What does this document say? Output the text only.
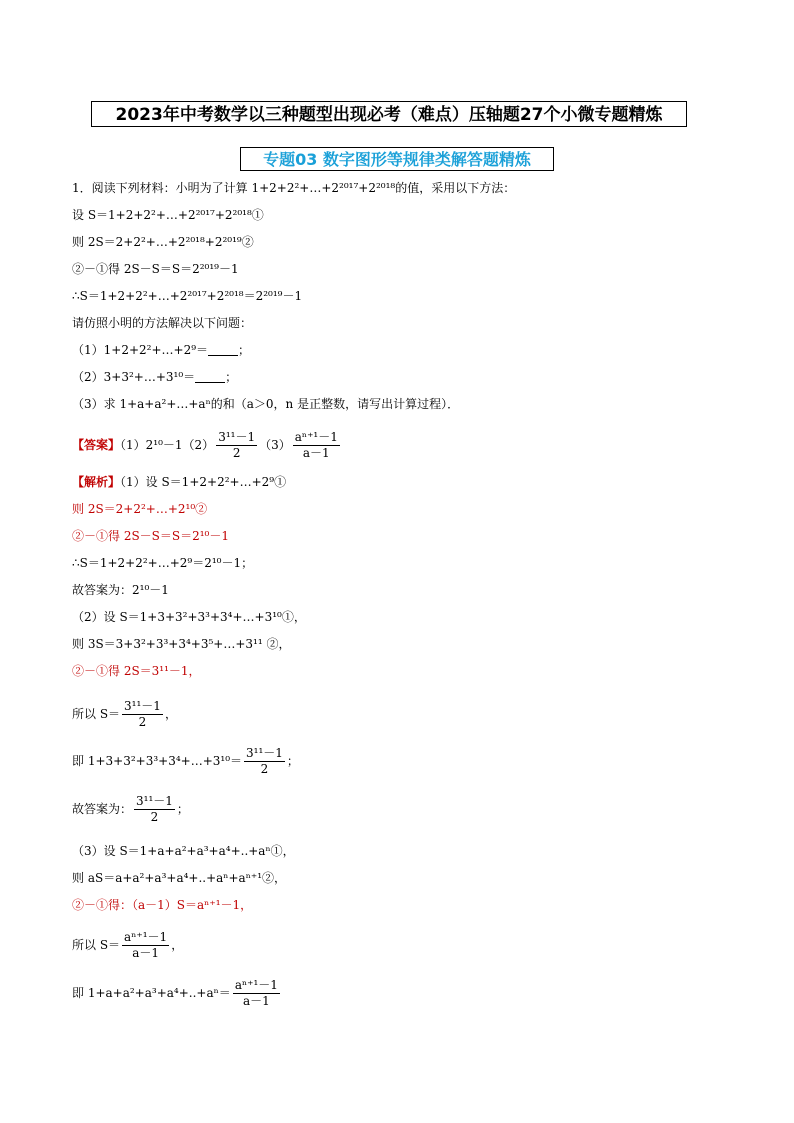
2023年中考数学以三种题型出现必考（难点）压轴题27个小微专题精炼
专题03 数字图形等规律类解答题精炼
1．阅读下列材料：小明为了计算 1+2+2²+…+2²⁰¹⁷+2²⁰¹⁸的值，采用以下方法：
设 S＝1+2+2²+…+2²⁰¹⁷+2²⁰¹⁸①
则 2S＝2+2²+…+2²⁰¹⁸+2²⁰¹⁹②
②－①得 2S－S＝S＝2²⁰¹⁹－1
∴S＝1+2+2²+…+2²⁰¹⁷+2²⁰¹⁸＝2²⁰¹⁹－1
请仿照小明的方法解决以下问题：
（1）1+2+2²+…+2⁹＝	；
（2）3+3²+…+3¹⁰＝	；
（3）求 1+a+a²+…+aⁿ的和（a＞0，n 是正整数，请写出计算过程）．
【答案】$(1)2^{10}-1(2) \frac{\text{3¹¹－1}}{2} (3) \frac{\text{aⁿ⁺¹－1}}{a-1}$
【解析】（1）设 S＝1+2+2²+…+2⁹①
则 2S＝2+2²+…+2¹⁰②
②－①得 2S－S＝S＝2¹⁰－1
∴S＝1+2+2²+…+2⁹＝2¹⁰－1；
故答案为：2¹⁰－1
（2）设 S＝1+3+3²+3³+3⁴+…+3¹⁰①，
则 3S＝3+3²+3³+3⁴+3⁵+…+3¹¹ ②，
②－①得 2S＝3¹¹－1，
所以 $S= \frac{\text{3¹¹－1}}{2}$ ，
即 1+3+3²+3³+3⁴+…+3¹⁰＝ $\frac{\text{3¹¹－1}}{2}$ ；
故答案为： $\frac{\text{3¹¹－1}}{2}$ ；
（3）设 S＝1+a+a²+a³+a⁴+..+aⁿ①，
则 aS＝a+a²+a³+a⁴+..+aⁿ+aⁿ⁺¹②，
②－①得：（a－1）S＝aⁿ⁺¹－1，
所以 $S= \frac{\text{aⁿ⁺¹－1}}{a-1}$ ，
即 $1+a+a^2+a^3+a^4+..+a^n= \frac{\text{aⁿ⁺¹－1}}{a-1}$
